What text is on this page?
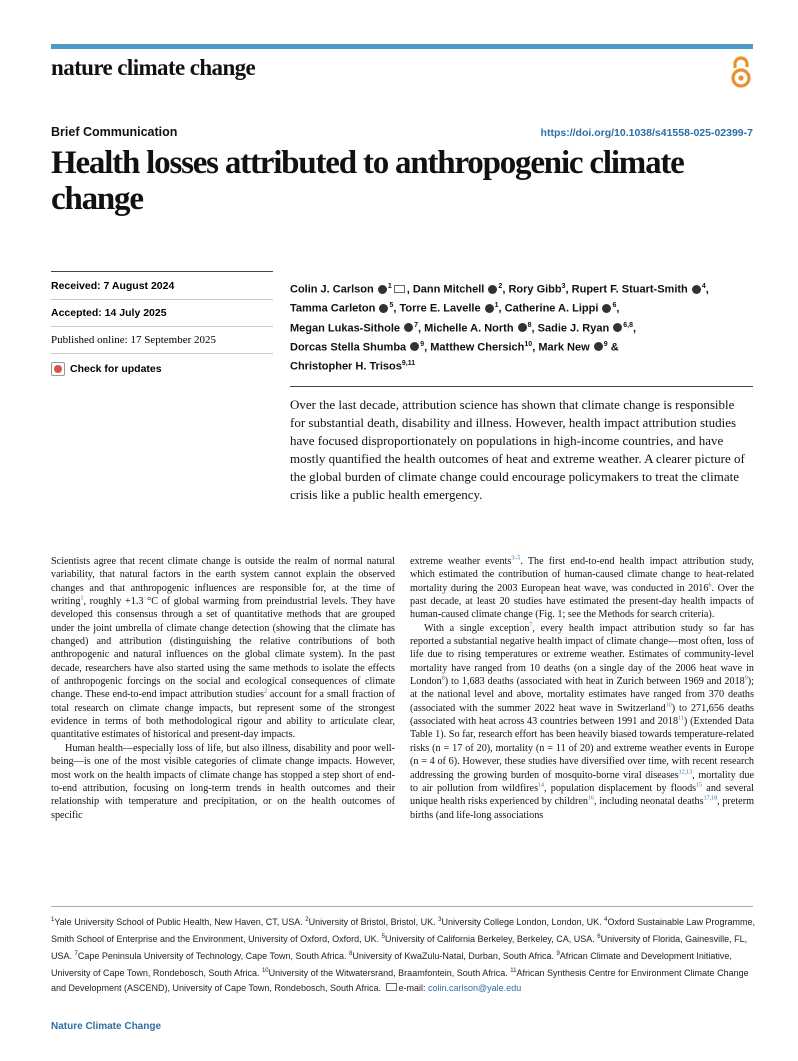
nature climate change
Brief Communication	https://doi.org/10.1038/s41558-025-02399-7
Health losses attributed to anthropogenic climate change
Received: 7 August 2024
Accepted: 14 July 2025
Published online: 17 September 2025
Check for updates
Colin J. Carlson $^1$ , Dann Mitchell $^2$, Rory Gibb$^3$, Rupert F. Stuart-Smith $^4$,
Tamma Carleton $^5$, Torre E. Lavelle $^1$, Catherine A. Lippi $^6$,
Megan Lukas-Sithole $^7$, Michelle A. North $^8$, Sadie J. Ryan $^{6,8}$,
Dorcas Stella Shumba $^9$, Matthew Chersich$^{10}$, Mark New $^9$ &
Christopher H. Trisos$^{9,11}$

Over the last decade, attribution science has shown that climate change is responsible for substantial death, disability and illness. However, health impact attribution studies have focused disproportionately on populations in high-income countries, and have mostly quantified the health outcomes of heat and extreme weather. A clearer picture of the global burden of climate change could encourage policymakers to treat the climate crisis like a public health emergency.

Scientists agree that recent climate change is outside the realm of normal natural variability, that natural factors in the earth system cannot explain the observed changes and that anthropogenic influences are responsible for, at the time of writing$^1$, roughly +1.3 °C of global warming from preindustrial levels. They have developed this consensus through a set of quantitative methods that are grouped under the joint umbrella of climate change detection (showing that the climate has changed) and attribution (distinguishing the relative contributions of both anthropogenic and natural influences on the global climate system). In the past decade, researchers have also started using the same methods to isolate the effects of anthropogenic forcings on the social and ecological consequences of climate change. These end-to-end impact attribution studies$^2$ account for a small fraction of total research on climate change impacts, but represent some of the strongest evidence in terms of both methodological rigour and ability to articulate clear, quantitative estimates of historical and present-day impacts.

Human health—especially loss of life, but also illness, disability and poor well-being—is one of the most visible categories of climate change impacts. However, most work on the health impacts of climate change has stopped a step short of end-to-end attribution, focusing on long-term trends in health outcomes and their relationship with temperature and precipitation, or on the health outcomes of specific

extreme weather events$^{3-5}$. The first end-to-end health impact attribution study, which estimated the contribution of human-caused climate change to heat-related mortality during the 2003 European heat wave, was conducted in 2016$^6$. Over the past decade, at least 20 studies have estimated the present-day health impacts of human-caused climate change (Fig. 1; see the Methods for search criteria).

With a single exception$^7$, every health impact attribution study so far has reported a substantial negative health impact of climate change—most often, loss of life due to rising temperatures or extreme weather. Estimates of community-level mortality have ranged from 10 deaths (on a single day of the 2006 heat wave in London$^8$) to 1,683 deaths (associated with heat in Zurich between 1969 and 2018$^9$); at the national level and above, mortality estimates have ranged from 370 deaths (associated with the summer 2022 heat wave in Switzerland$^{10}$) to 271,656 deaths (associated with heat across 43 countries between 1991 and 2018$^{11}$) (Extended Data Table 1). So far, research effort has been heavily biased towards temperature-related risks (n = 17 of 20), mortality (n = 11 of 20) and extreme weather events in Europe (n = 4 of 6). However, these studies have diversified over time, with recent research addressing the growing burden of mosquito-borne viral diseases$^{12,13}$, mortality due to air pollution from wildfires$^{14}$, population displacement by floods$^{15}$ and several unique health risks experienced by children$^{16}$, including neonatal deaths$^{17,18}$, preterm births (and life-long associations

$^1$Yale University School of Public Health, New Haven, CT, USA. $^2$University of Bristol, Bristol, UK. $^3$University College London, London, UK. $^4$Oxford Sustainable Law Programme, Smith School of Enterprise and the Environment, University of Oxford, Oxford, UK. $^5$University of California Berkeley, Berkeley, CA, USA. $^6$University of Florida, Gainesville, FL, USA. $^7$Cape Peninsula University of Technology, Cape Town, South Africa. $^8$University of KwaZulu-Natal, Durban, South Africa. $^9$African Climate and Development Initiative, University of Cape Town, Rondebosch, South Africa. $^{10}$University of the Witwatersrand, Braamfontein, South Africa. $^{11}$African Synthesis Centre for Environment Climate Change and Development (ASCEND), University of Cape Town, Rondebosch, South Africa. e-mail: colin.carlson@yale.edu
Nature Climate Change
